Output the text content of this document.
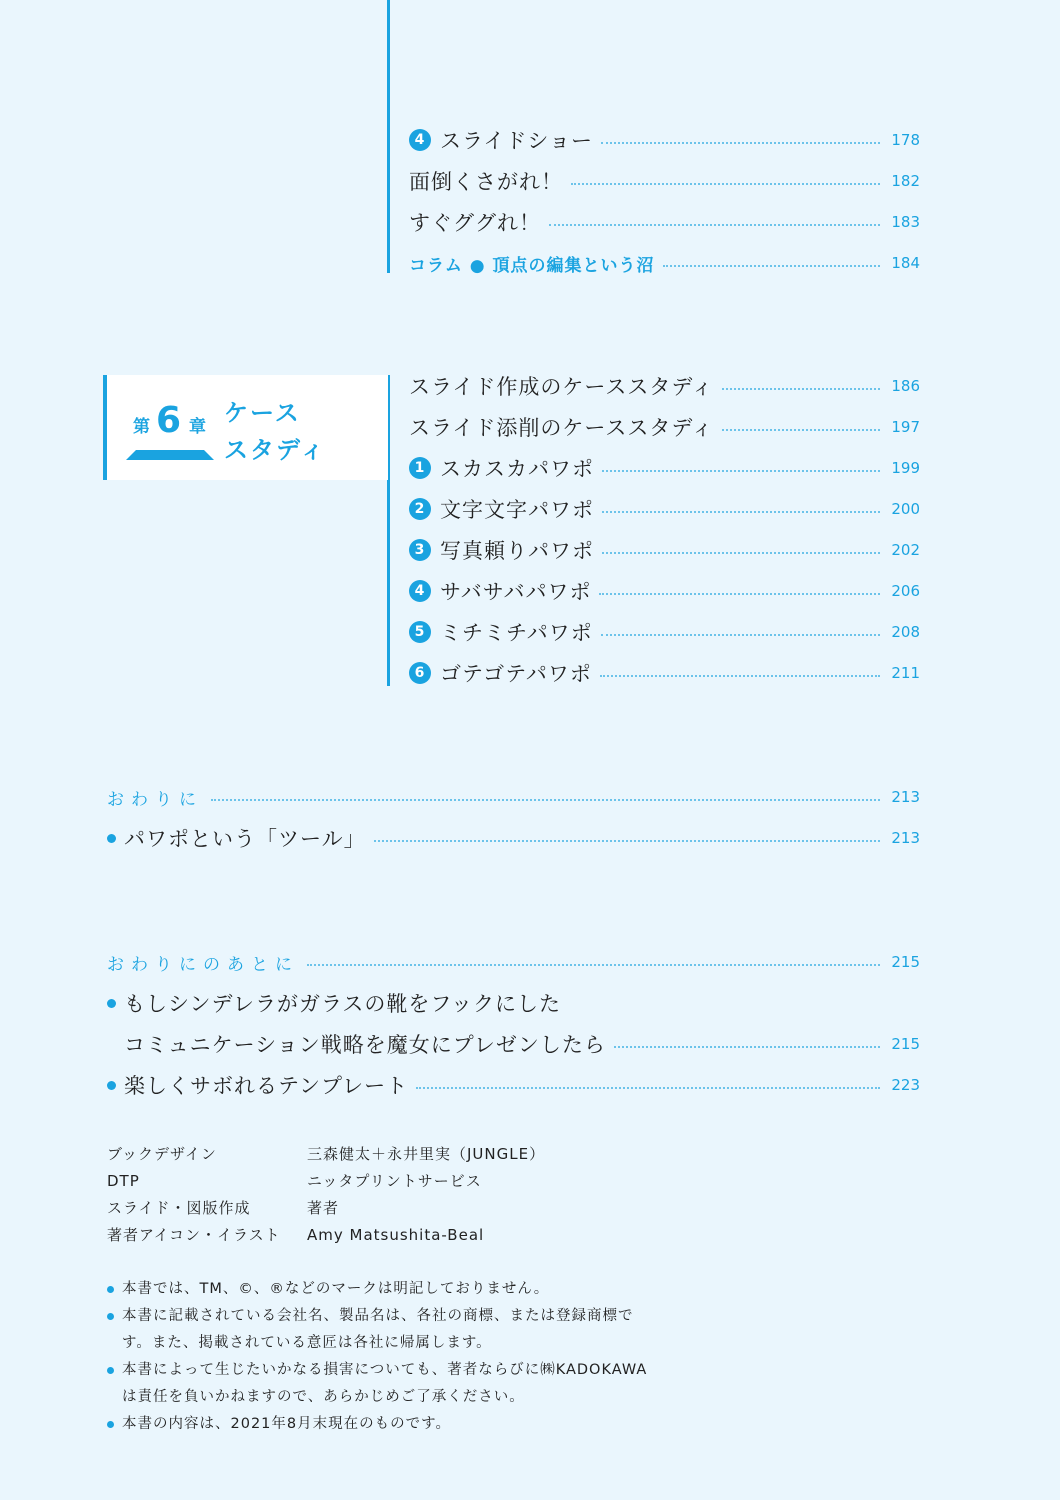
4 スライドショー	178
面倒くさがれ！	182
すぐググれ！	183
コラム ● 頂点の編集という沼	184
第 6 章 ケース
スタディ
スライド作成のケーススタディ	186
スライド添削のケーススタディ	197
1 スカスカパワポ	199
2 文字文字パワポ	200
3 写真頼りパワポ	202
4 サバサバパワポ	206
5 ミチミチパワポ	208
6 ゴテゴテパワポ	211
おわりに	213
パワポという「ツール」	213
おわりにのあとに	215
もしシンデレラがガラスの靴をフックにした
コミュニケーション戦略を魔女にプレゼンしたら	215
楽しくサボれるテンプレート	223
ブックデザイン	三森健太＋永井里実（JUNGLE）
DTP	ニッタプリントサービス
スライド・図版作成	著者
著者アイコン・イラスト	Amy Matsushita-Beal
本書では、TM、©、®などのマークは明記しておりません。
本書に記載されている会社名、製品名は、各社の商標、または登録商標で
す。また、掲載されている意匠は各社に帰属します。
本書によって生じたいかなる損害についても、著者ならびに㈱KADOKAWA
は責任を負いかねますので、あらかじめご了承ください。
本書の内容は、2021年8月末現在のものです。
